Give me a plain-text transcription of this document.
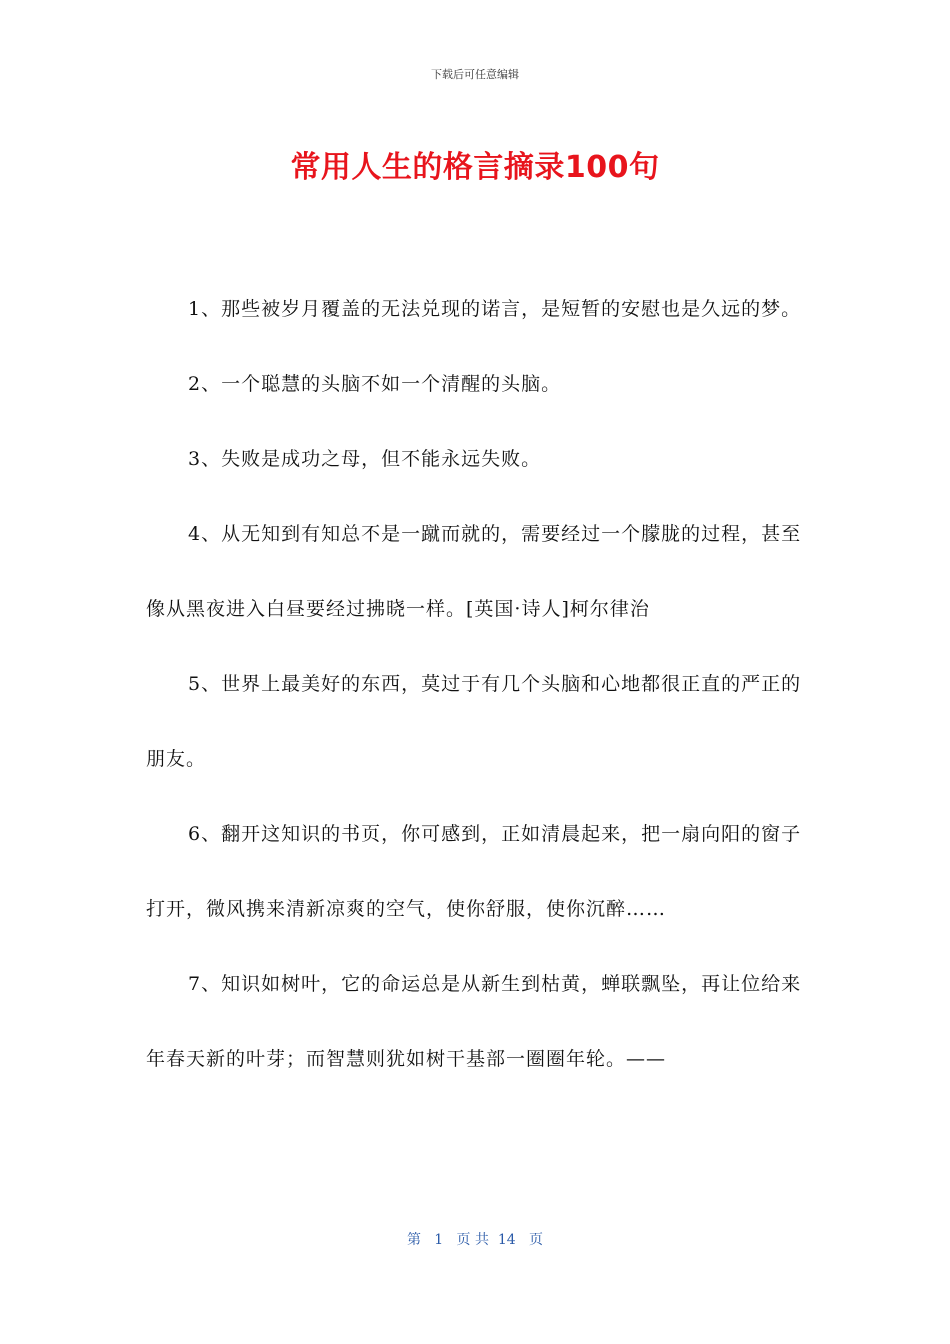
下载后可任意编辑
常用人生的格言摘录100句

1、那些被岁月覆盖的无法兑现的诺言，是短暂的安慰也是久远的梦。

2、一个聪慧的头脑不如一个清醒的头脑。

3、失败是成功之母，但不能永远失败。

4、从无知到有知总不是一蹴而就的，需要经过一个朦胧的过程，甚至像从黑夜进入白昼要经过拂晓一样。[英国·诗人]柯尔律治

5、世界上最美好的东西，莫过于有几个头脑和心地都很正直的严正的朋友。

6、翻开这知识的书页，你可感到，正如清晨起来，把一扇向阳的窗子打开，微风携来清新凉爽的空气，使你舒服，使你沉醉……

7、知识如树叶，它的命运总是从新生到枯黄，蝉联飘坠，再让位给来年春天新的叶芽；而智慧则犹如树干基部一圈圈年轮。——

第   1   页 共  14   页
